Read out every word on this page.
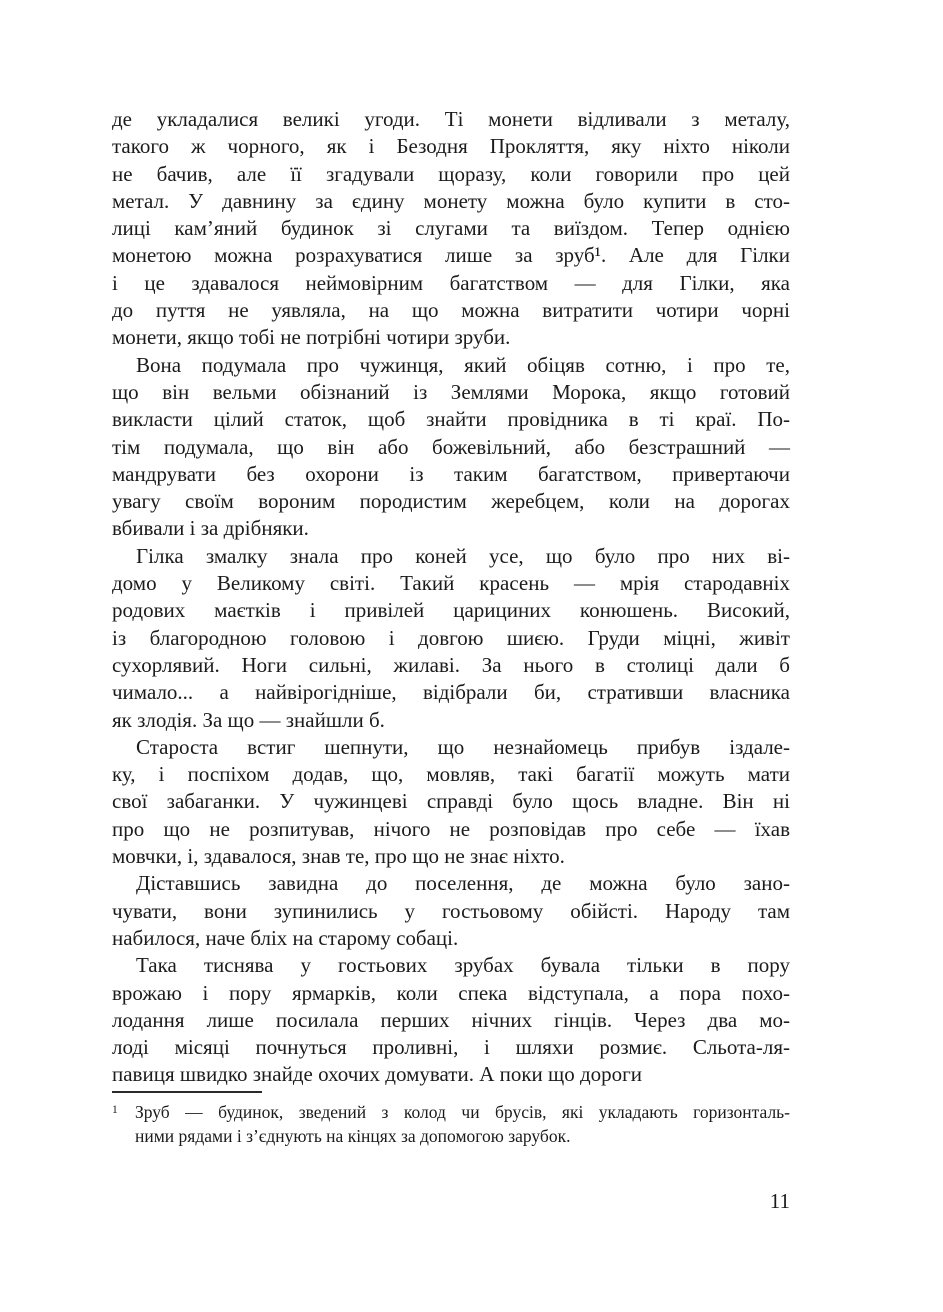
де укладалися великі угоди. Ті монети відливали з металу,
такого ж чорного, як і Безодня Прокляття, яку ніхто ніколи
не бачив, але її згадували щоразу, коли говорили про цей
метал. У давнину за єдину монету можна було купити в сто-
лиці кам’яний будинок зі слугами та виїздом. Тепер однією
монетою можна розрахуватися лише за зруб¹. Але для Гілки
і це здавалося неймовірним багатством — для Гілки, яка
до пуття не уявляла, на що можна витратити чотири чорні
монети, якщо тобі не потрібні чотири зруби.
Вона подумала про чужинця, який обіцяв сотню, і про те,
що він вельми обізнаний із Землями Морока, якщо готовий
викласти цілий статок, щоб знайти провідника в ті краї. По-
тім подумала, що він або божевільний, або безстрашний —
мандрувати без охорони із таким багатством, привертаючи
увагу своїм вороним породистим жеребцем, коли на дорогах
вбивали і за дрібняки.
Гілка змалку знала про коней усе, що було про них ві-
домо у Великому світі. Такий красень — мрія стародавніх
родових маєтків і привілей царициних конюшень. Високий,
із благородною головою і довгою шиєю. Груди міцні, живіт
сухорлявий. Ноги сильні, жилаві. За нього в столиці дали б
чимало... а найвірогідніше, відібрали би, стративши власника
як злодія. За що — знайшли б.
Староста встиг шепнути, що незнайомець прибув іздале-
ку, і поспіхом додав, що, мовляв, такі багатії можуть мати
свої забаганки. У чужинцеві справді було щось владне. Він ні
про що не розпитував, нічого не розповідав про себе — їхав
мовчки, і, здавалося, знав те, про що не знає ніхто.
Діставшись завидна до поселення, де можна було зано-
чувати, вони зупинились у гостьовому обійсті. Народу там
набилося, наче бліх на старому собаці.
Така тиснява у гостьових зрубах бувала тільки в пору
врожаю і пору ярмарків, коли спека відступала, а пора похо-
лодання лише посилала перших нічних гінців. Через два мо-
лоді місяці почнуться проливні, і шляхи розмиє. Сльота-ля-
павиця швидко знайде охочих домувати. А поки що дороги
1 Зруб — будинок, зведений з колод чи брусів, які укладають горизонталь-
ними рядами і з’єднують на кінцях за допомогою зарубок.
11
